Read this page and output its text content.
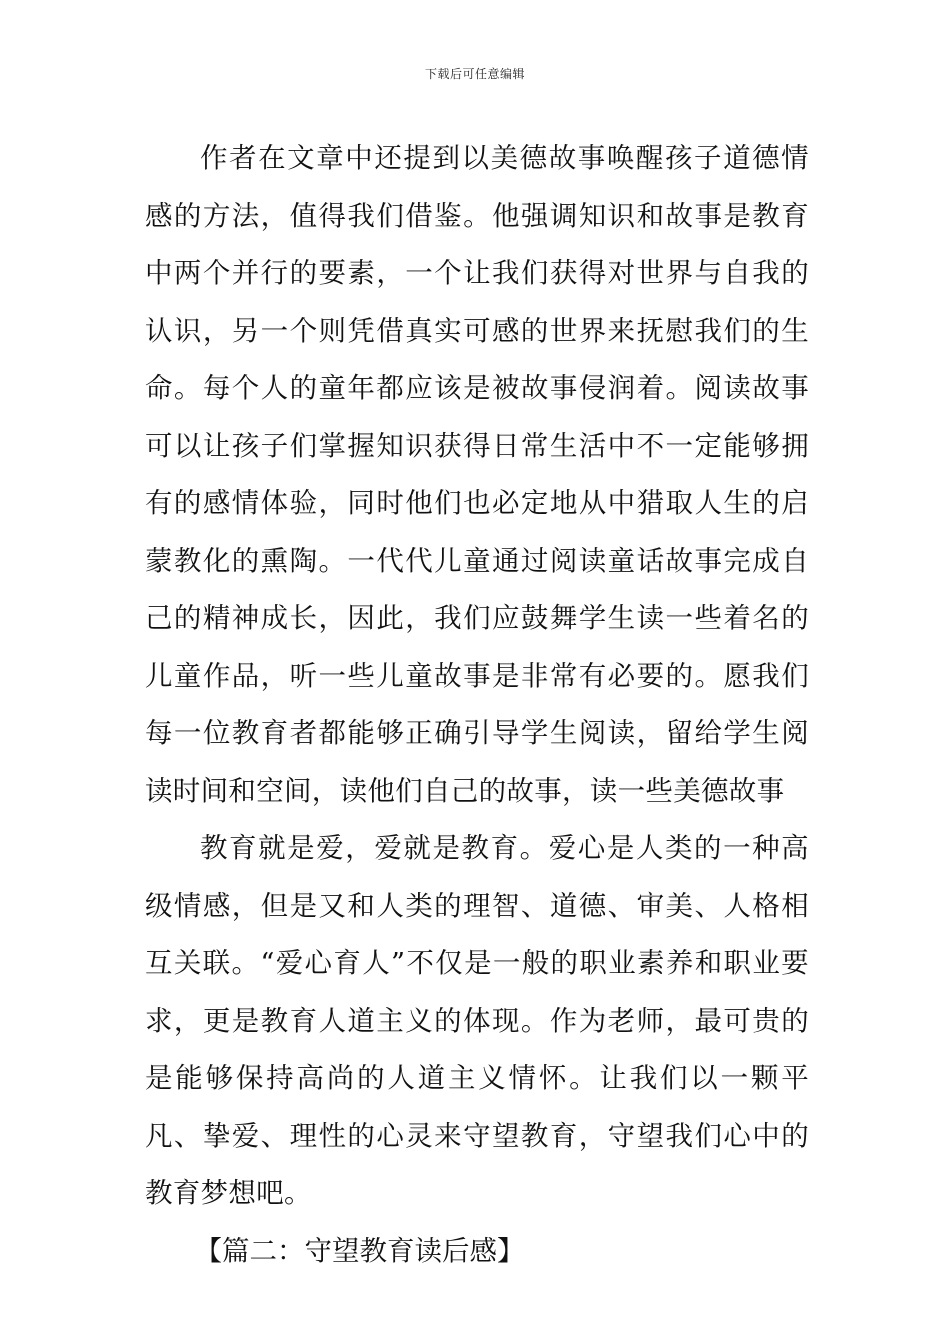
下载后可任意编辑

作者在文章中还提到以美德故事唤醒孩子道德情感的方法，值得我们借鉴。他强调知识和故事是教育中两个并行的要素，一个让我们获得对世界与自我的认识，另一个则凭借真实可感的世界来抚慰我们的生命。每个人的童年都应该是被故事侵润着。阅读故事可以让孩子们掌握知识获得日常生活中不一定能够拥有的感情体验，同时他们也必定地从中猎取人生的启蒙教化的熏陶。一代代儿童通过阅读童话故事完成自己的精神成长，因此，我们应鼓舞学生读一些着名的儿童作品，听一些儿童故事是非常有必要的。愿我们每一位教育者都能够正确引导学生阅读，留给学生阅读时间和空间，读他们自己的故事，读一些美德故事

教育就是爱，爱就是教育。爱心是人类的一种高级情感，但是又和人类的理智、道德、审美、人格相互关联。“爱心育人”不仅是一般的职业素养和职业要求，更是教育人道主义的体现。作为老师，最可贵的是能够保持高尚的人道主义情怀。让我们以一颗平凡、挚爱、理性的心灵来守望教育，守望我们心中的教育梦想吧。

【篇二：守望教育读后感】
